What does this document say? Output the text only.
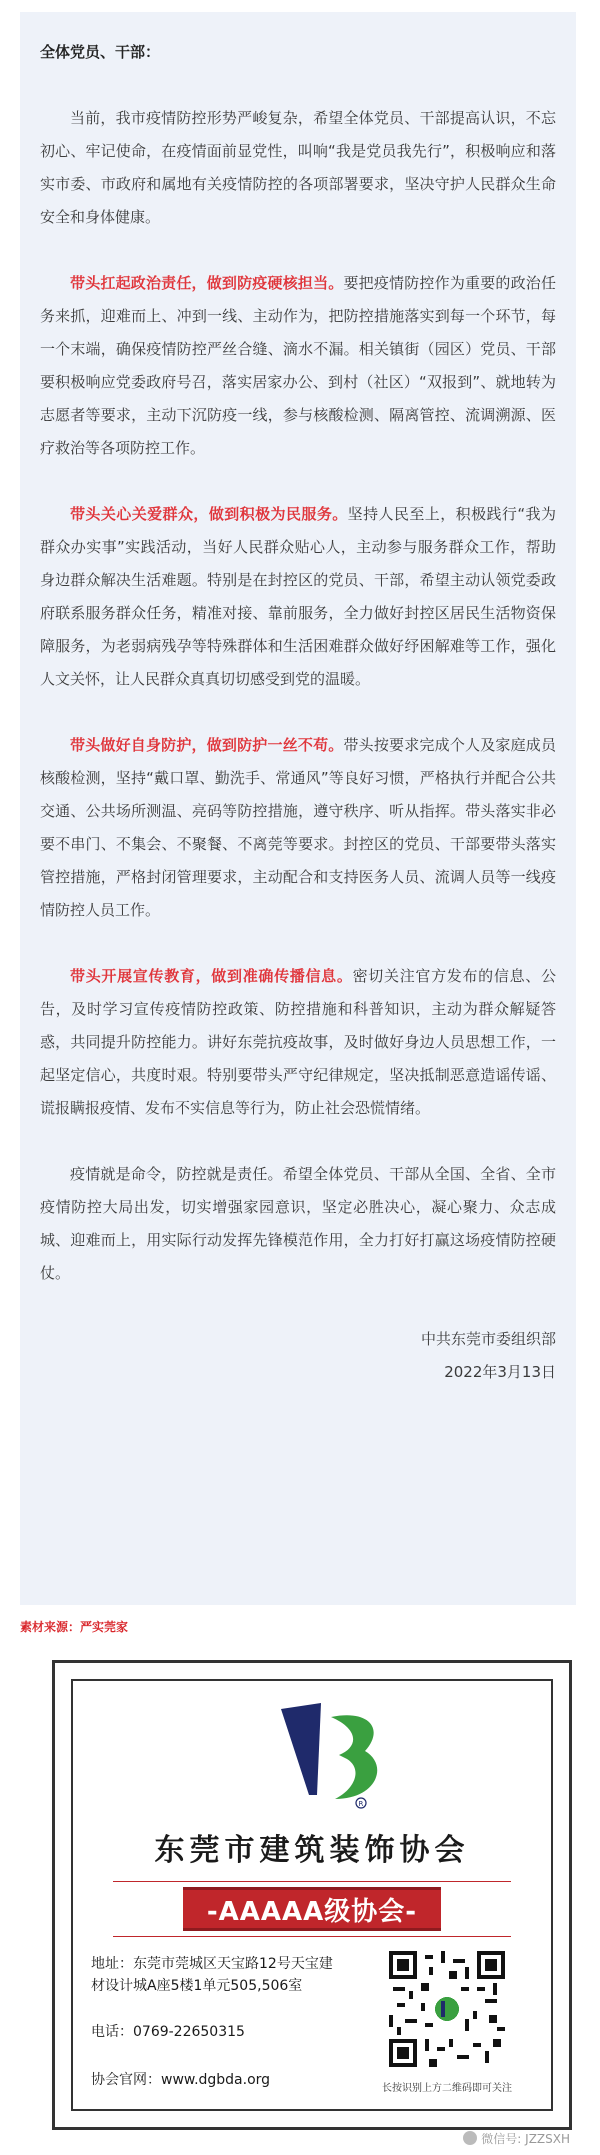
全体党员、干部：

当前，我市疫情防控形势严峻复杂，希望全体党员、干部提高认识，不忘初心、牢记使命，在疫情面前显党性，叫响“我是党员我先行”，积极响应和落实市委、市政府和属地有关疫情防控的各项部署要求，坚决守护人民群众生命安全和身体健康。

带头扛起政治责任，做到防疫硬核担当。要把疫情防控作为重要的政治任务来抓，迎难而上、冲到一线、主动作为，把防控措施落实到每一个环节，每一个末端，确保疫情防控严丝合缝、滴水不漏。相关镇街（园区）党员、干部要积极响应党委政府号召，落实居家办公、到村（社区）“双报到”、就地转为志愿者等要求，主动下沉防疫一线，参与核酸检测、隔离管控、流调溯源、医疗救治等各项防控工作。

带头关心关爱群众，做到积极为民服务。坚持人民至上，积极践行“我为群众办实事”实践活动，当好人民群众贴心人，主动参与服务群众工作，帮助身边群众解决生活难题。特别是在封控区的党员、干部，希望主动认领党委政府联系服务群众任务，精准对接、靠前服务，全力做好封控区居民生活物资保障服务，为老弱病残孕等特殊群体和生活困难群众做好纾困解难等工作，强化人文关怀，让人民群众真真切切感受到党的温暖。

带头做好自身防护，做到防护一丝不苟。带头按要求完成个人及家庭成员核酸检测，坚持“戴口罩、勤洗手、常通风”等良好习惯，严格执行并配合公共交通、公共场所测温、亮码等防控措施，遵守秩序、听从指挥。带头落实非必要不串门、不集会、不聚餐、不离莞等要求。封控区的党员、干部要带头落实管控措施，严格封闭管理要求，主动配合和支持医务人员、流调人员等一线疫情防控人员工作。

带头开展宣传教育，做到准确传播信息。密切关注官方发布的信息、公告，及时学习宣传疫情防控政策、防控措施和科普知识，主动为群众解疑答惑，共同提升防控能力。讲好东莞抗疫故事，及时做好身边人员思想工作，一起坚定信心，共度时艰。特别要带头严守纪律规定，坚决抵制恶意造谣传谣、谎报瞒报疫情、发布不实信息等行为，防止社会恐慌情绪。

疫情就是命令，防控就是责任。希望全体党员、干部从全国、全省、全市疫情防控大局出发，切实增强家园意识，坚定必胜决心，凝心聚力、众志成城、迎难而上，用实际行动发挥先锋模范作用，全力打好打赢这场疫情防控硬仗。

中共东莞市委组织部
2022年3月13日
素材来源：严实莞家
R
东莞市建筑装饰协会
-AAAAA级协会-
地址：东莞市莞城区天宝路12号天宝建材设计城A座5楼1单元505,506室
电话：0769-22650315
协会官网：www.dgbda.org
长按识别上方二维码即可关注
微信号: JZZSXH
